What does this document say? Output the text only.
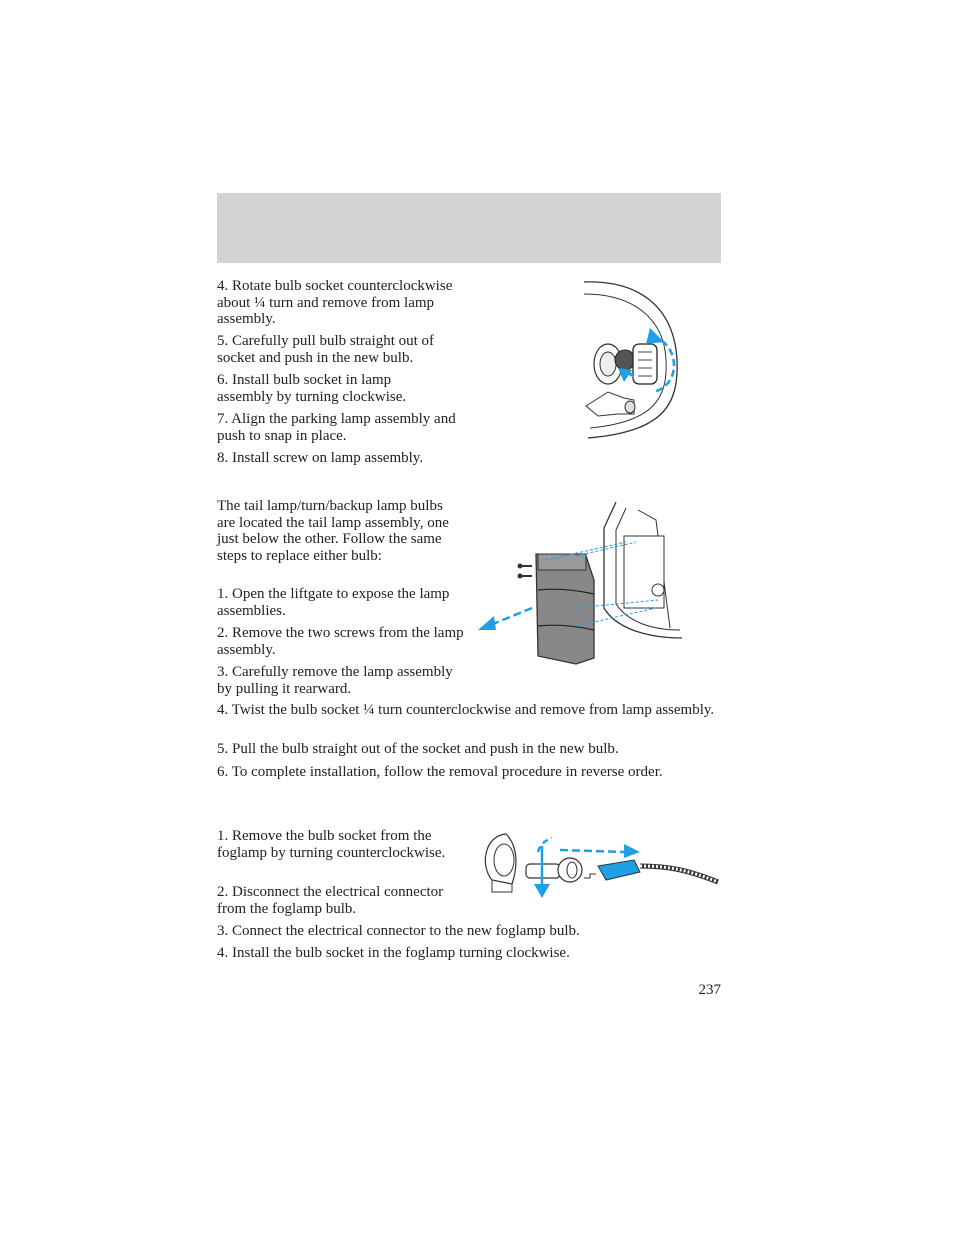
4. Rotate bulb socket counterclockwise about ¼ turn and remove from lamp assembly.

5. Carefully pull bulb straight out of socket and push in the new bulb.

6. Install bulb socket in lamp assembly by turning clockwise.

7. Align the parking lamp assembly and push to snap in place.

8. Install screw on lamp assembly.

The tail lamp/turn/backup lamp bulbs are located the tail lamp assembly, one just below the other. Follow the same steps to replace either bulb:

1. Open the liftgate to expose the lamp assemblies.

2. Remove the two screws from the lamp assembly.

3. Carefully remove the lamp assembly by pulling it rearward.

4. Twist the bulb socket ¼ turn counterclockwise and remove from lamp assembly.

5. Pull the bulb straight out of the socket and push in the new bulb.

6. To complete installation, follow the removal procedure in reverse order.

1. Remove the bulb socket from the foglamp by turning counterclockwise.

2. Disconnect the electrical connector from the foglamp bulb.

3. Connect the electrical connector to the new foglamp bulb.

4. Install the bulb socket in the foglamp turning clockwise.

237
